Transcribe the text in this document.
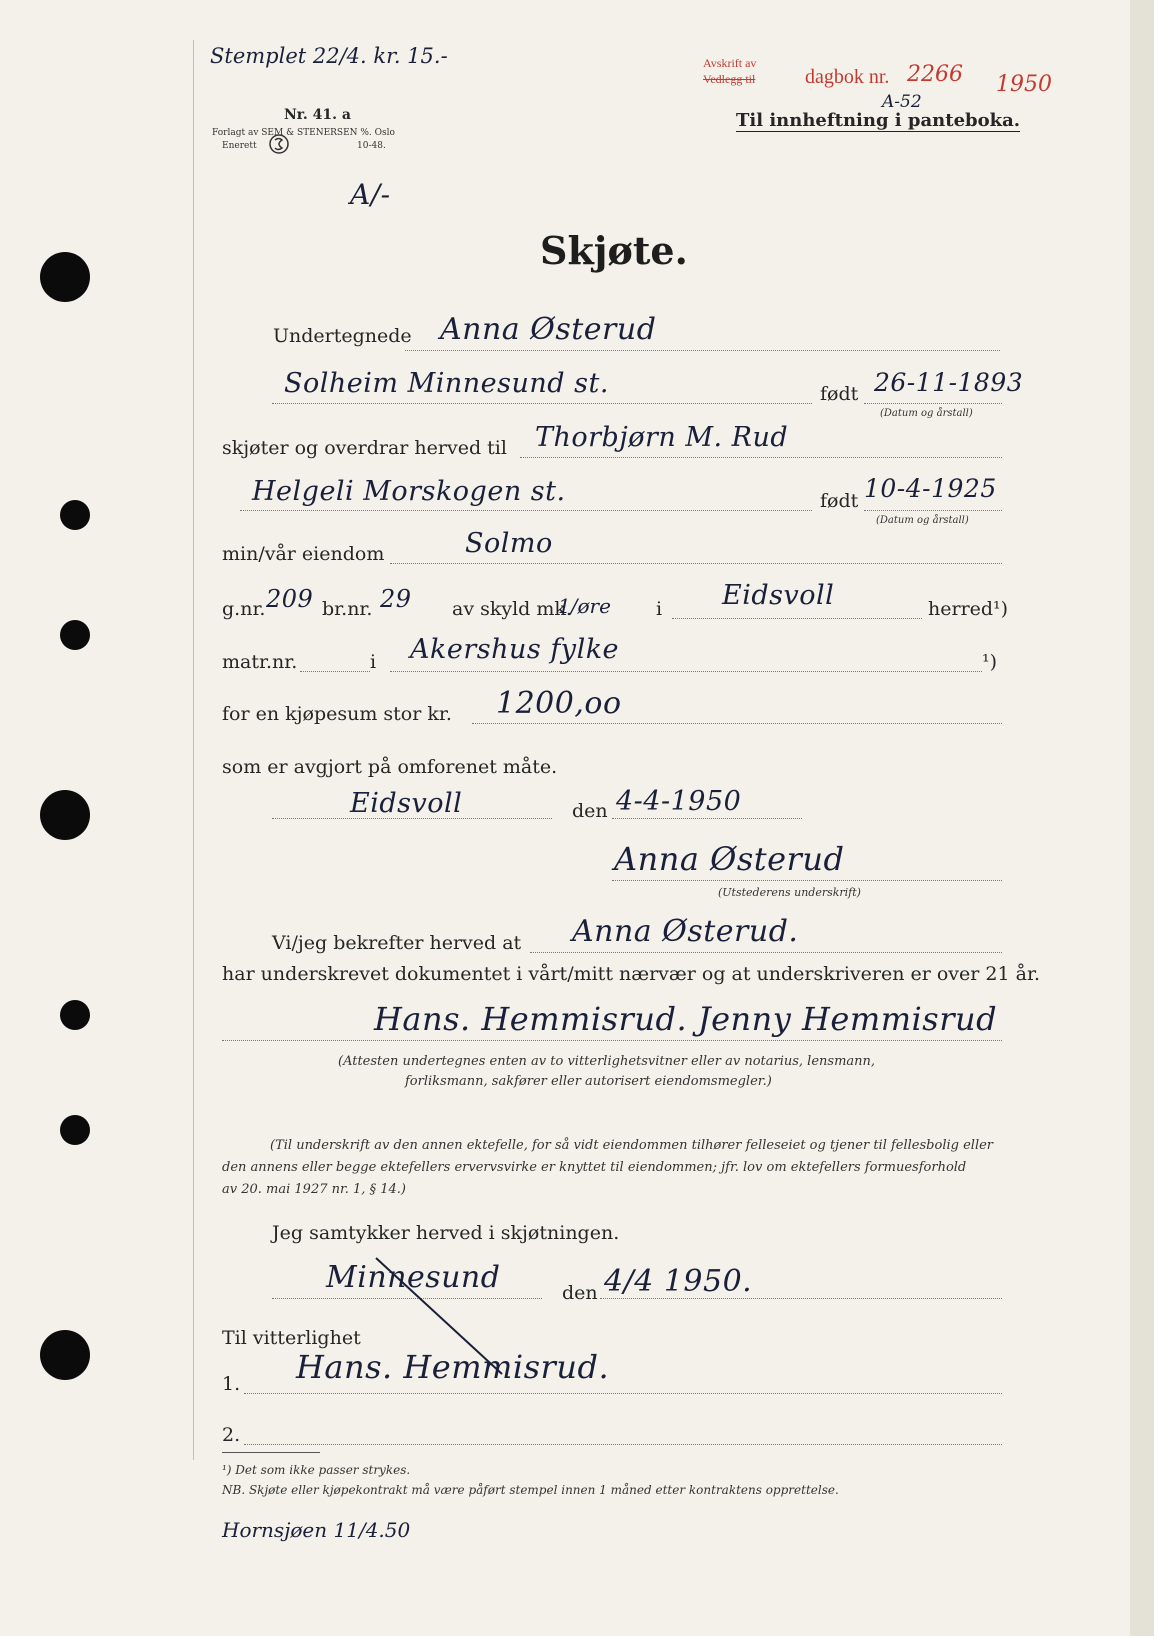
Stemplet 22/4. kr. 15.-
Nr. 41. a
Forlagt av SEM & STENERSEN %. Oslo
Enerett	10-48.
Avskrift av
Vedlegg til dagbok nr. 2266 1950
A-52
Til innheftning i panteboka.
A/-
Skjøte.
Undertegnede Anna Østerud
Solheim Minnesund st.	født 26-11-1893
(Datum og årstall)
skjøter og overdrar herved til Thorbjørn M. Rud
Helgeli Morskogen st.	født 10-4-1925
(Datum og årstall)
min/vår eiendom	Solmo
g.nr. 209 br.nr. 29 av skyld mk.
1/øre i Eidsvoll	herred¹)
matr.nr.	i Akershus fylke	¹)
for en kjøpesum stor kr. 1200,oo
som er avgjort på omforenet måte.
Eidsvoll	den 4-4-1950
Anna Østerud
(Utstederens underskrift)
Vi/jeg bekrefter herved at Anna Østerud.
har underskrevet dokumentet i vårt/mitt nærvær og at underskriveren er over 21 år.
Hans. Hemmisrud. Jenny Hemmisrud
(Attesten undertegnes enten av to vitterlighetsvitner eller av notarius, lensmann,
forliksmann, sakfører eller autorisert eiendomsmegler.)
(Til underskrift av den annen ektefelle, for så vidt eiendommen tilhører felleseiet og tjener til fellesbolig eller
den annens eller begge ektefellers ervervsvirke er knyttet til eiendommen; jfr. lov om ektefellers formuesforhold
av 20. mai 1927 nr. 1, § 14.)
Jeg samtykker herved i skjøtningen.
Minnesund	den 4/4 1950.
Til vitterlighet
1. Hans. Hemmisrud.
2.
¹) Det som ikke passer strykes.
NB. Skjøte eller kjøpekontrakt må være påført stempel innen 1 måned etter kontraktens opprettelse.
Hornsjøen 11/4.50
